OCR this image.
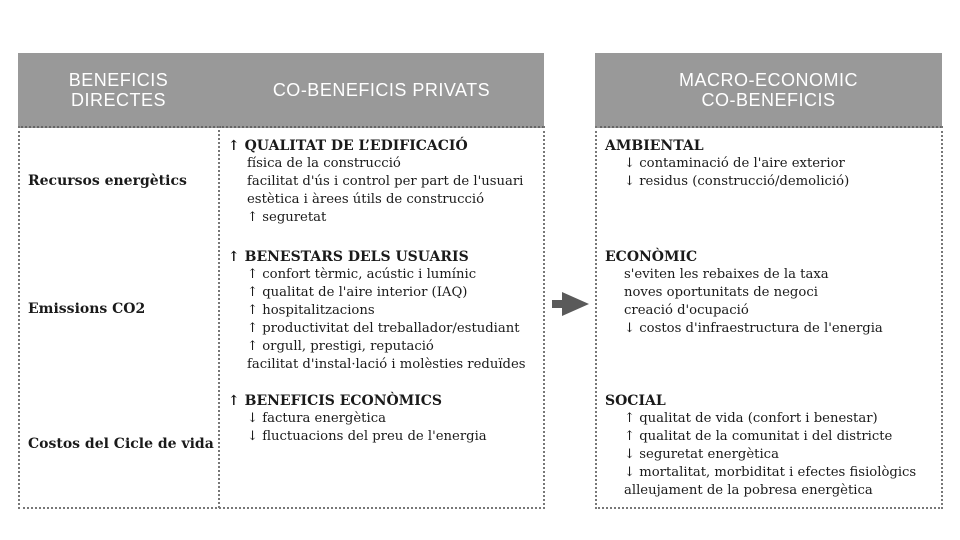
BENEFICIS
DIRECTES	CO-BENEFICIS PRIVATS
Recursos energètics
Emissions CO2
Costos del Cicle de vida
↑ QUALITAT DE L’EDIFICACIÓ
física de la construcció
facilitat d'ús i control per part de l'usuari
estètica i àrees útils de construcció
↑ seguretat
↑ BENESTARS DELS USUARIS
↑ confort tèrmic, acústic i lumínic
↑ qualitat de l'aire interior (IAQ)
↑ hospitalitzacions
↑ productivitat del treballador/estudiant
↑ orgull, prestigi, reputació
facilitat d'instal·lació i molèsties reduïdes
↑ BENEFICIS ECONÒMICS
↓ factura energètica
↓ fluctuacions del preu de l'energia
MACRO-ECONOMIC
CO-BENEFICIS
AMBIENTAL
↓ contaminació de l'aire exterior
↓ residus (construcció/demolició)
ECONÒMIC
s'eviten les rebaixes de la taxa
noves oportunitats de negoci
creació d'ocupació
↓ costos d'infraestructura de l'energia
SOCIAL
↑ qualitat de vida (confort i benestar)
↑ qualitat de la comunitat i del districte
↓ seguretat energètica
↓ mortalitat, morbiditat i efectes fisiològics
alleujament de la pobresa energètica
